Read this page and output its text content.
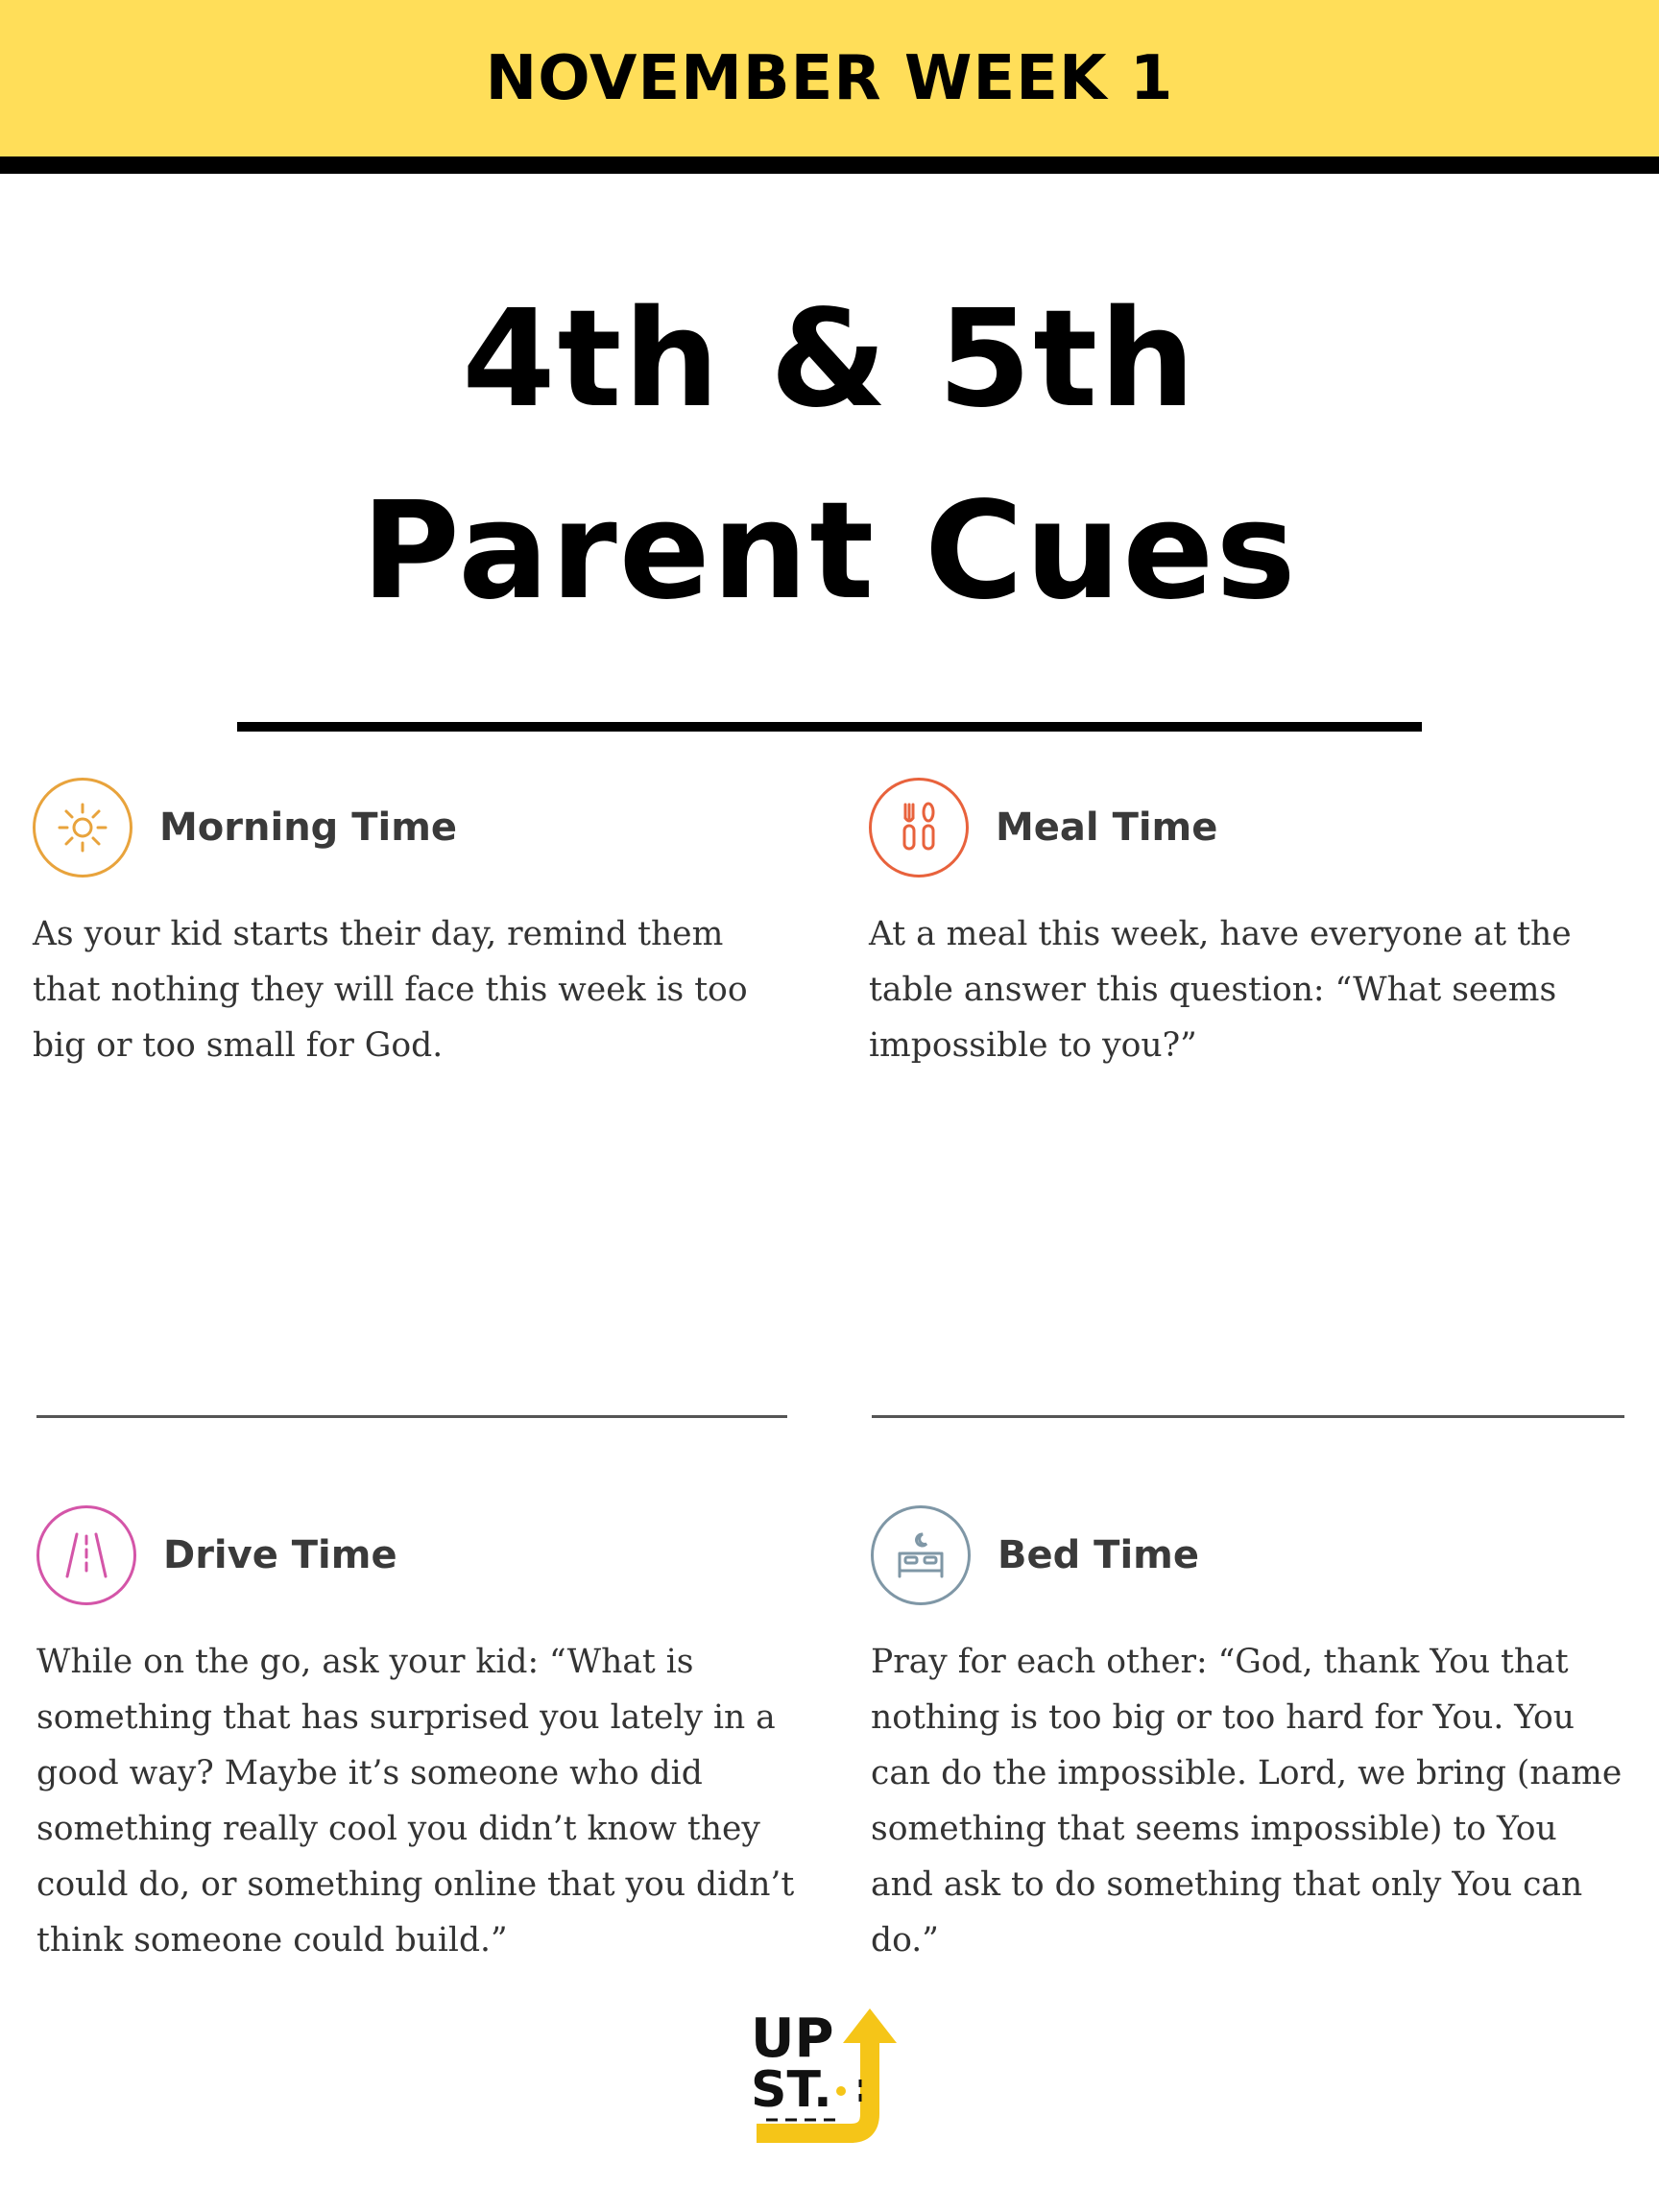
NOVEMBER WEEK 1
4th & 5th
Parent Cues
Morning Time
As your kid starts their day, remind them that nothing they will face this week is too big or too small for God.
Meal Time
At a meal this week, have everyone at the table answer this question: “What seems impossible to you?”
Drive Time
While on the go, ask your kid: “What is something that has surprised you lately in a good way? Maybe it’s someone who did something really cool you didn’t know they could do, or something online that you didn’t think someone could build.”
Bed Time
Pray for each other: “God, thank You that nothing is too big or too hard for You. You can do the impossible. Lord, we bring (name something that seems impossible) to You and ask to do something that only You can do.”
UP
ST.
